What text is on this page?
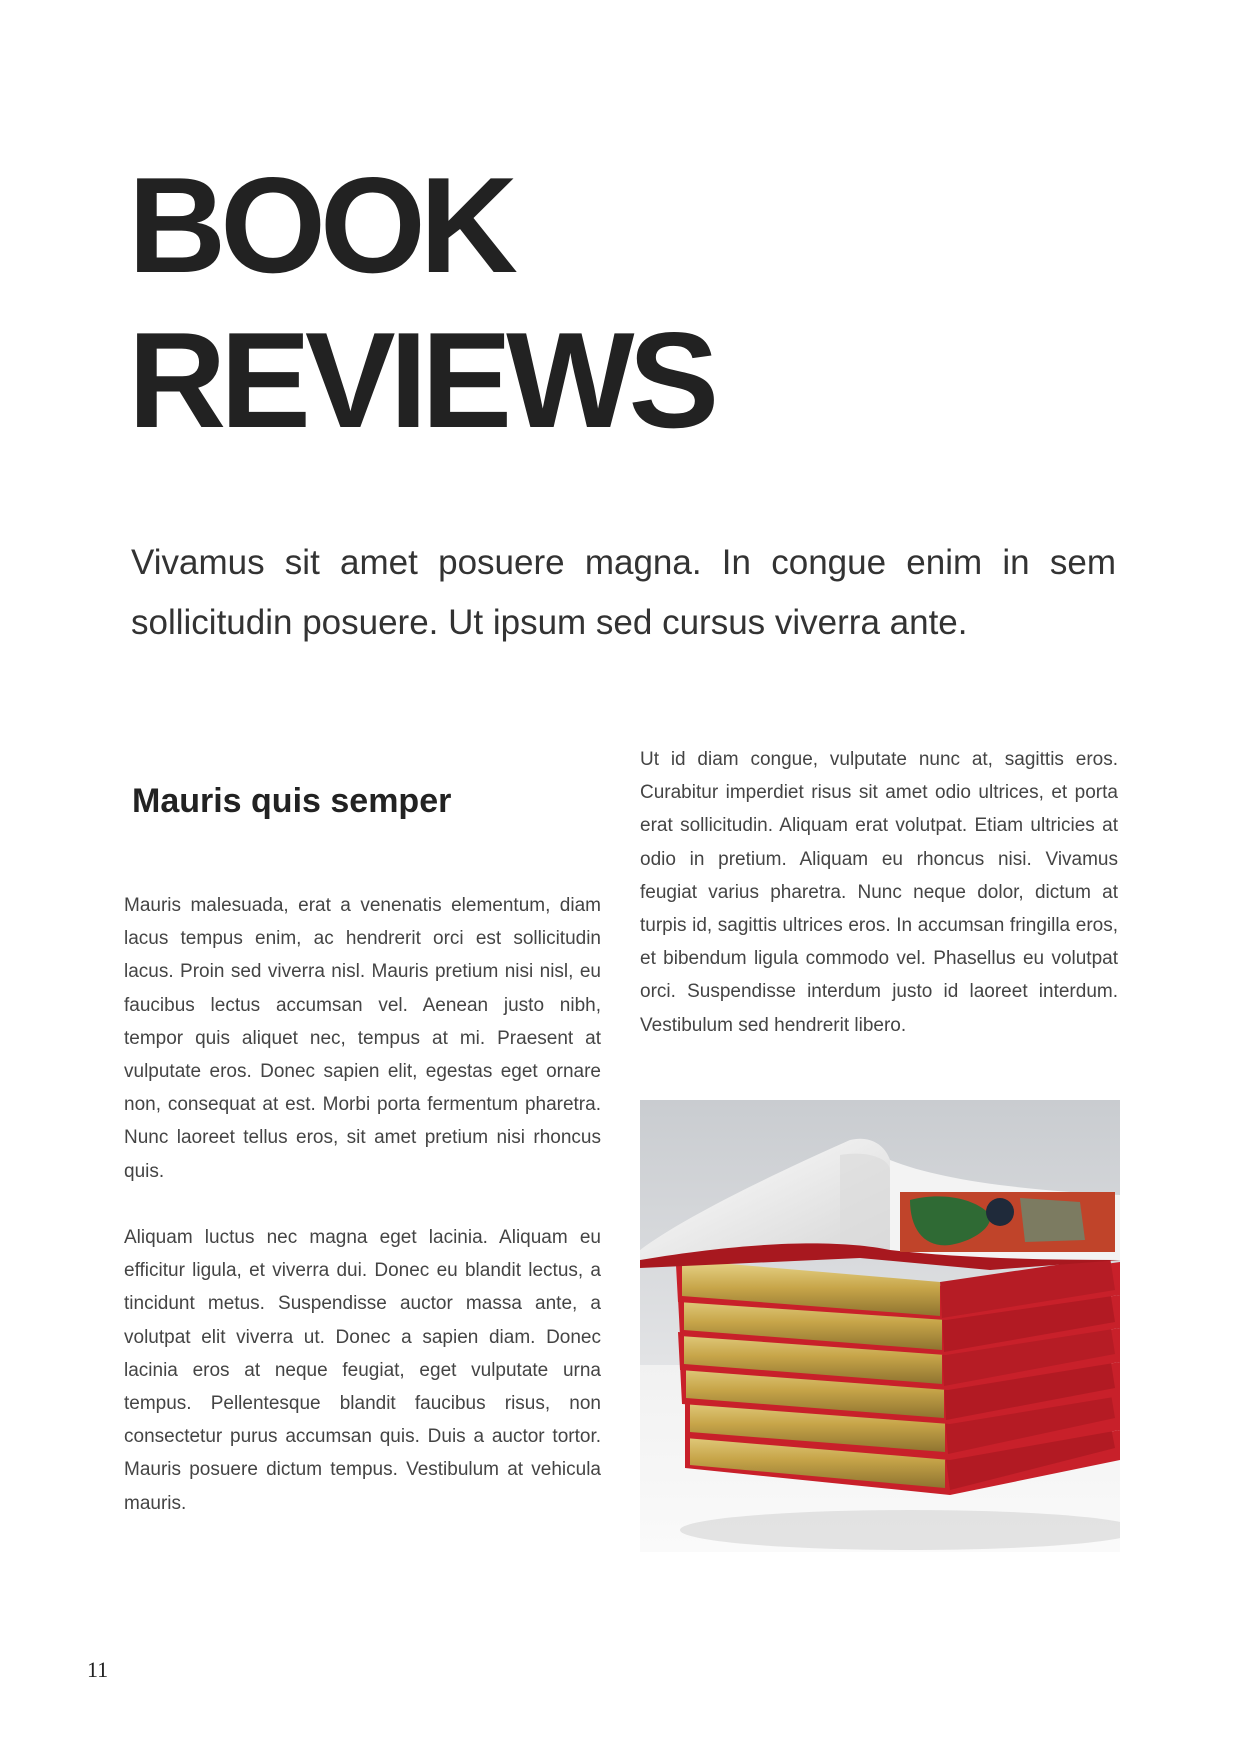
BOOK
REVIEWS

Vivamus sit amet posuere magna. In congue enim in sem sollicitudin posuere. Ut ipsum sed cursus viverra ante.

Mauris quis semper

Mauris malesuada, erat a venenatis elementum, diam lacus tempus enim, ac hendrerit orci est sollicitudin lacus. Proin sed viverra nisl. Mauris pretium nisi nisl, eu faucibus lectus accumsan vel. Aenean justo nibh, tempor quis aliquet nec, tempus at mi. Praesent at vulputate eros. Donec sapien elit, egestas eget ornare non, consequat at est. Morbi porta fermentum pharetra. Nunc laoreet tellus eros, sit amet pretium nisi rhoncus quis.

Aliquam luctus nec magna eget lacinia. Aliquam eu efficitur ligula, et viverra dui. Donec eu blandit lectus, a tincidunt metus. Suspendisse auctor massa ante, a volutpat elit viverra ut. Donec a sapien diam. Donec lacinia eros at neque feugiat, eget vulputate urna tempus. Pellentesque blandit faucibus risus, non consectetur purus accumsan quis. Duis a auctor tortor. Mauris posuere dictum tempus. Vestibulum at vehicula mauris.

Ut id diam congue, vulputate nunc at, sagittis eros. Curabitur imperdiet risus sit amet odio ultrices, et porta erat sollicitudin. Aliquam erat volutpat. Etiam ultricies at odio in pretium. Aliquam eu rhoncus nisi. Vivamus feugiat varius pharetra. Nunc neque dolor, dictum at turpis id, sagittis ultrices eros. In accumsan fringilla eros, et bibendum ligula commodo vel. Phasellus eu volutpat orci. Suspendisse interdum justo id laoreet interdum. Vestibulum sed hendrerit libero.

11
